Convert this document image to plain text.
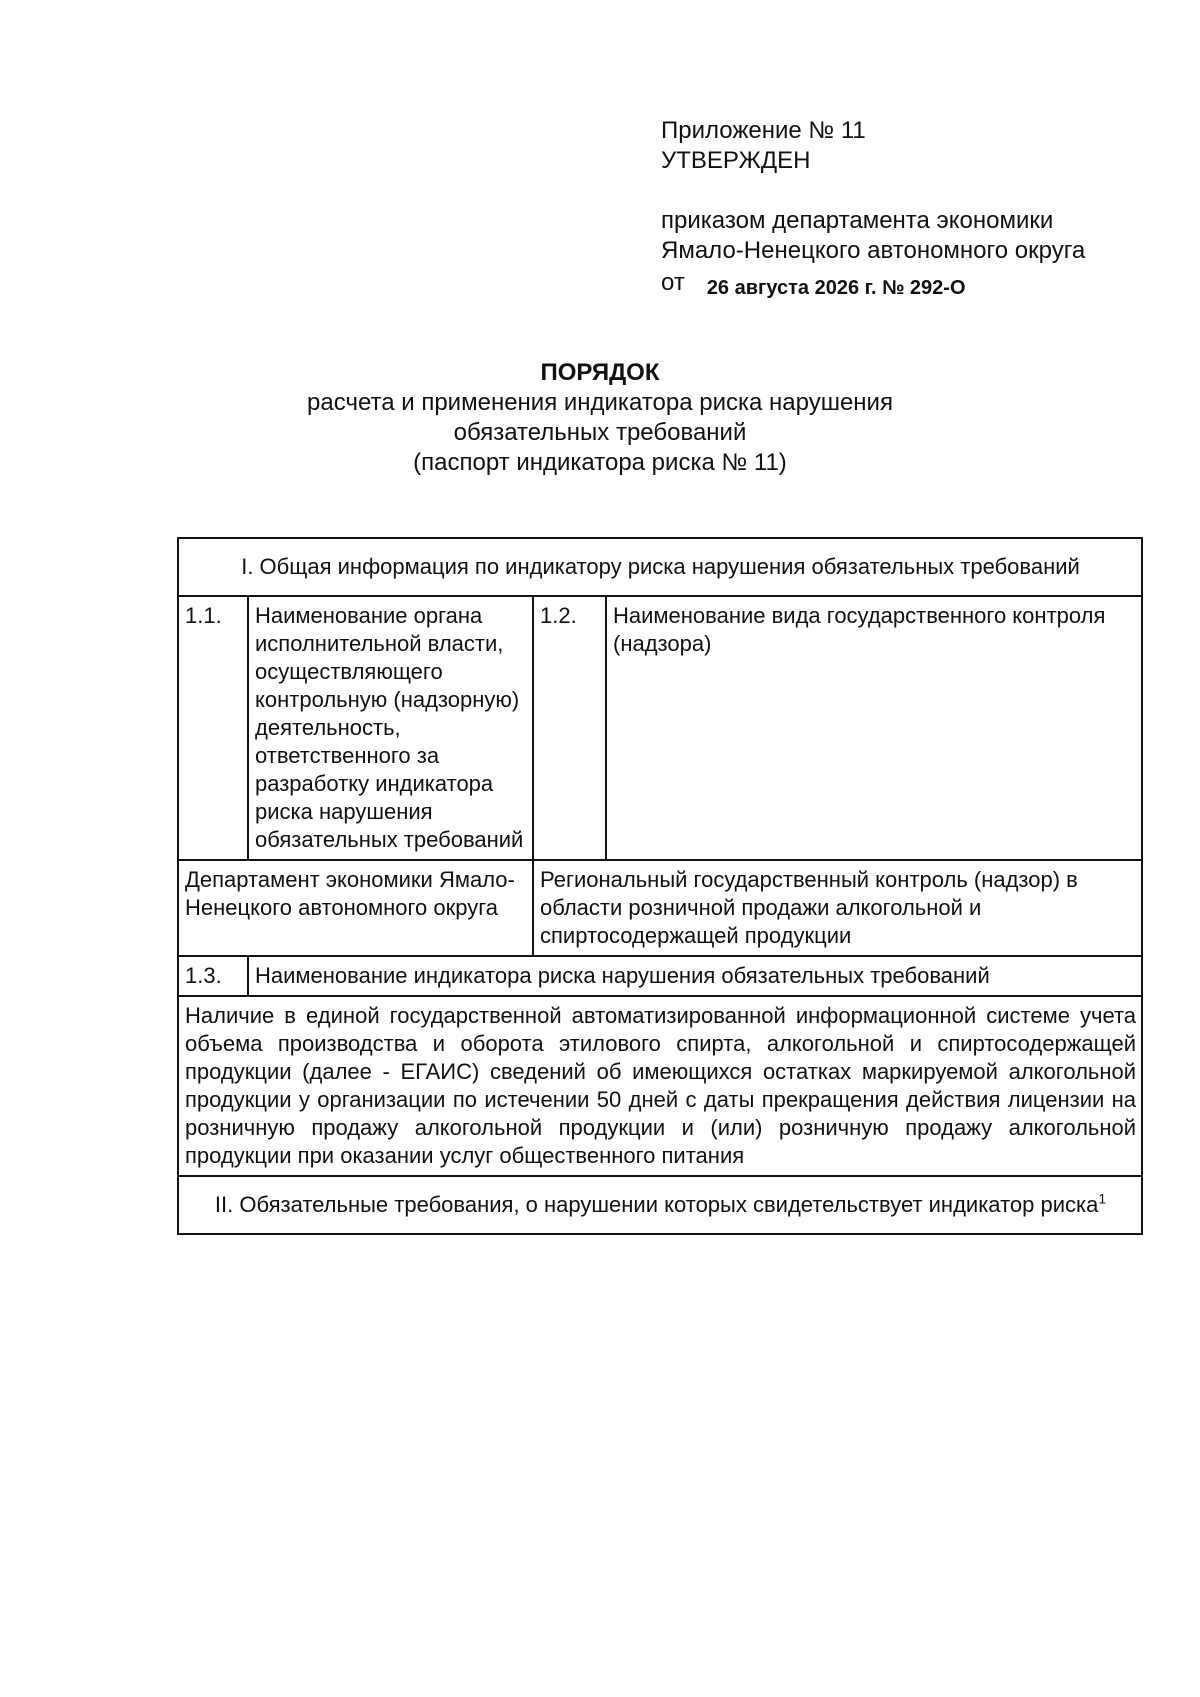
Приложение № 11
УТВЕРЖДЕН
приказом департамента экономики
Ямало-Ненецкого автономного округа
от 26 августа 2026 г. № 292-О
ПОРЯДОК
расчета и применения индикатора риска нарушения
обязательных требований
(паспорт индикатора риска № 11)
I. Общая информация по индикатору риска нарушения обязательных требований			
1.1.	Наименование органа исполнительной власти, осуществляющего контрольную (надзорную) деятельность, ответственного за разработку индикатора риска нарушения обязательных требований	1.2.	Наименование вида государственного контроля (надзора)
Департамент экономики Ямало-Ненецкого автономного округа		Региональный государственный контроль (надзор) в области розничной продажи алкогольной и спиртосодержащей продукции	
1.3.	Наименование индикатора риска нарушения обязательных требований		
Наличие в единой государственной автоматизированной информационной системе учета объема производства и оборота этилового спирта, алкогольной и спиртосодержащей продукции (далее - ЕГАИС) сведений об имеющихся остатках маркируемой алкогольной продукции у организации по истечении 50 дней с даты прекращения действия лицензии на розничную продажу алкогольной продукции и (или) розничную продажу алкогольной продукции при оказании услуг общественного питания			
II. Обязательные требования, о нарушении которых свидетельствует индикатор риска$^1$
